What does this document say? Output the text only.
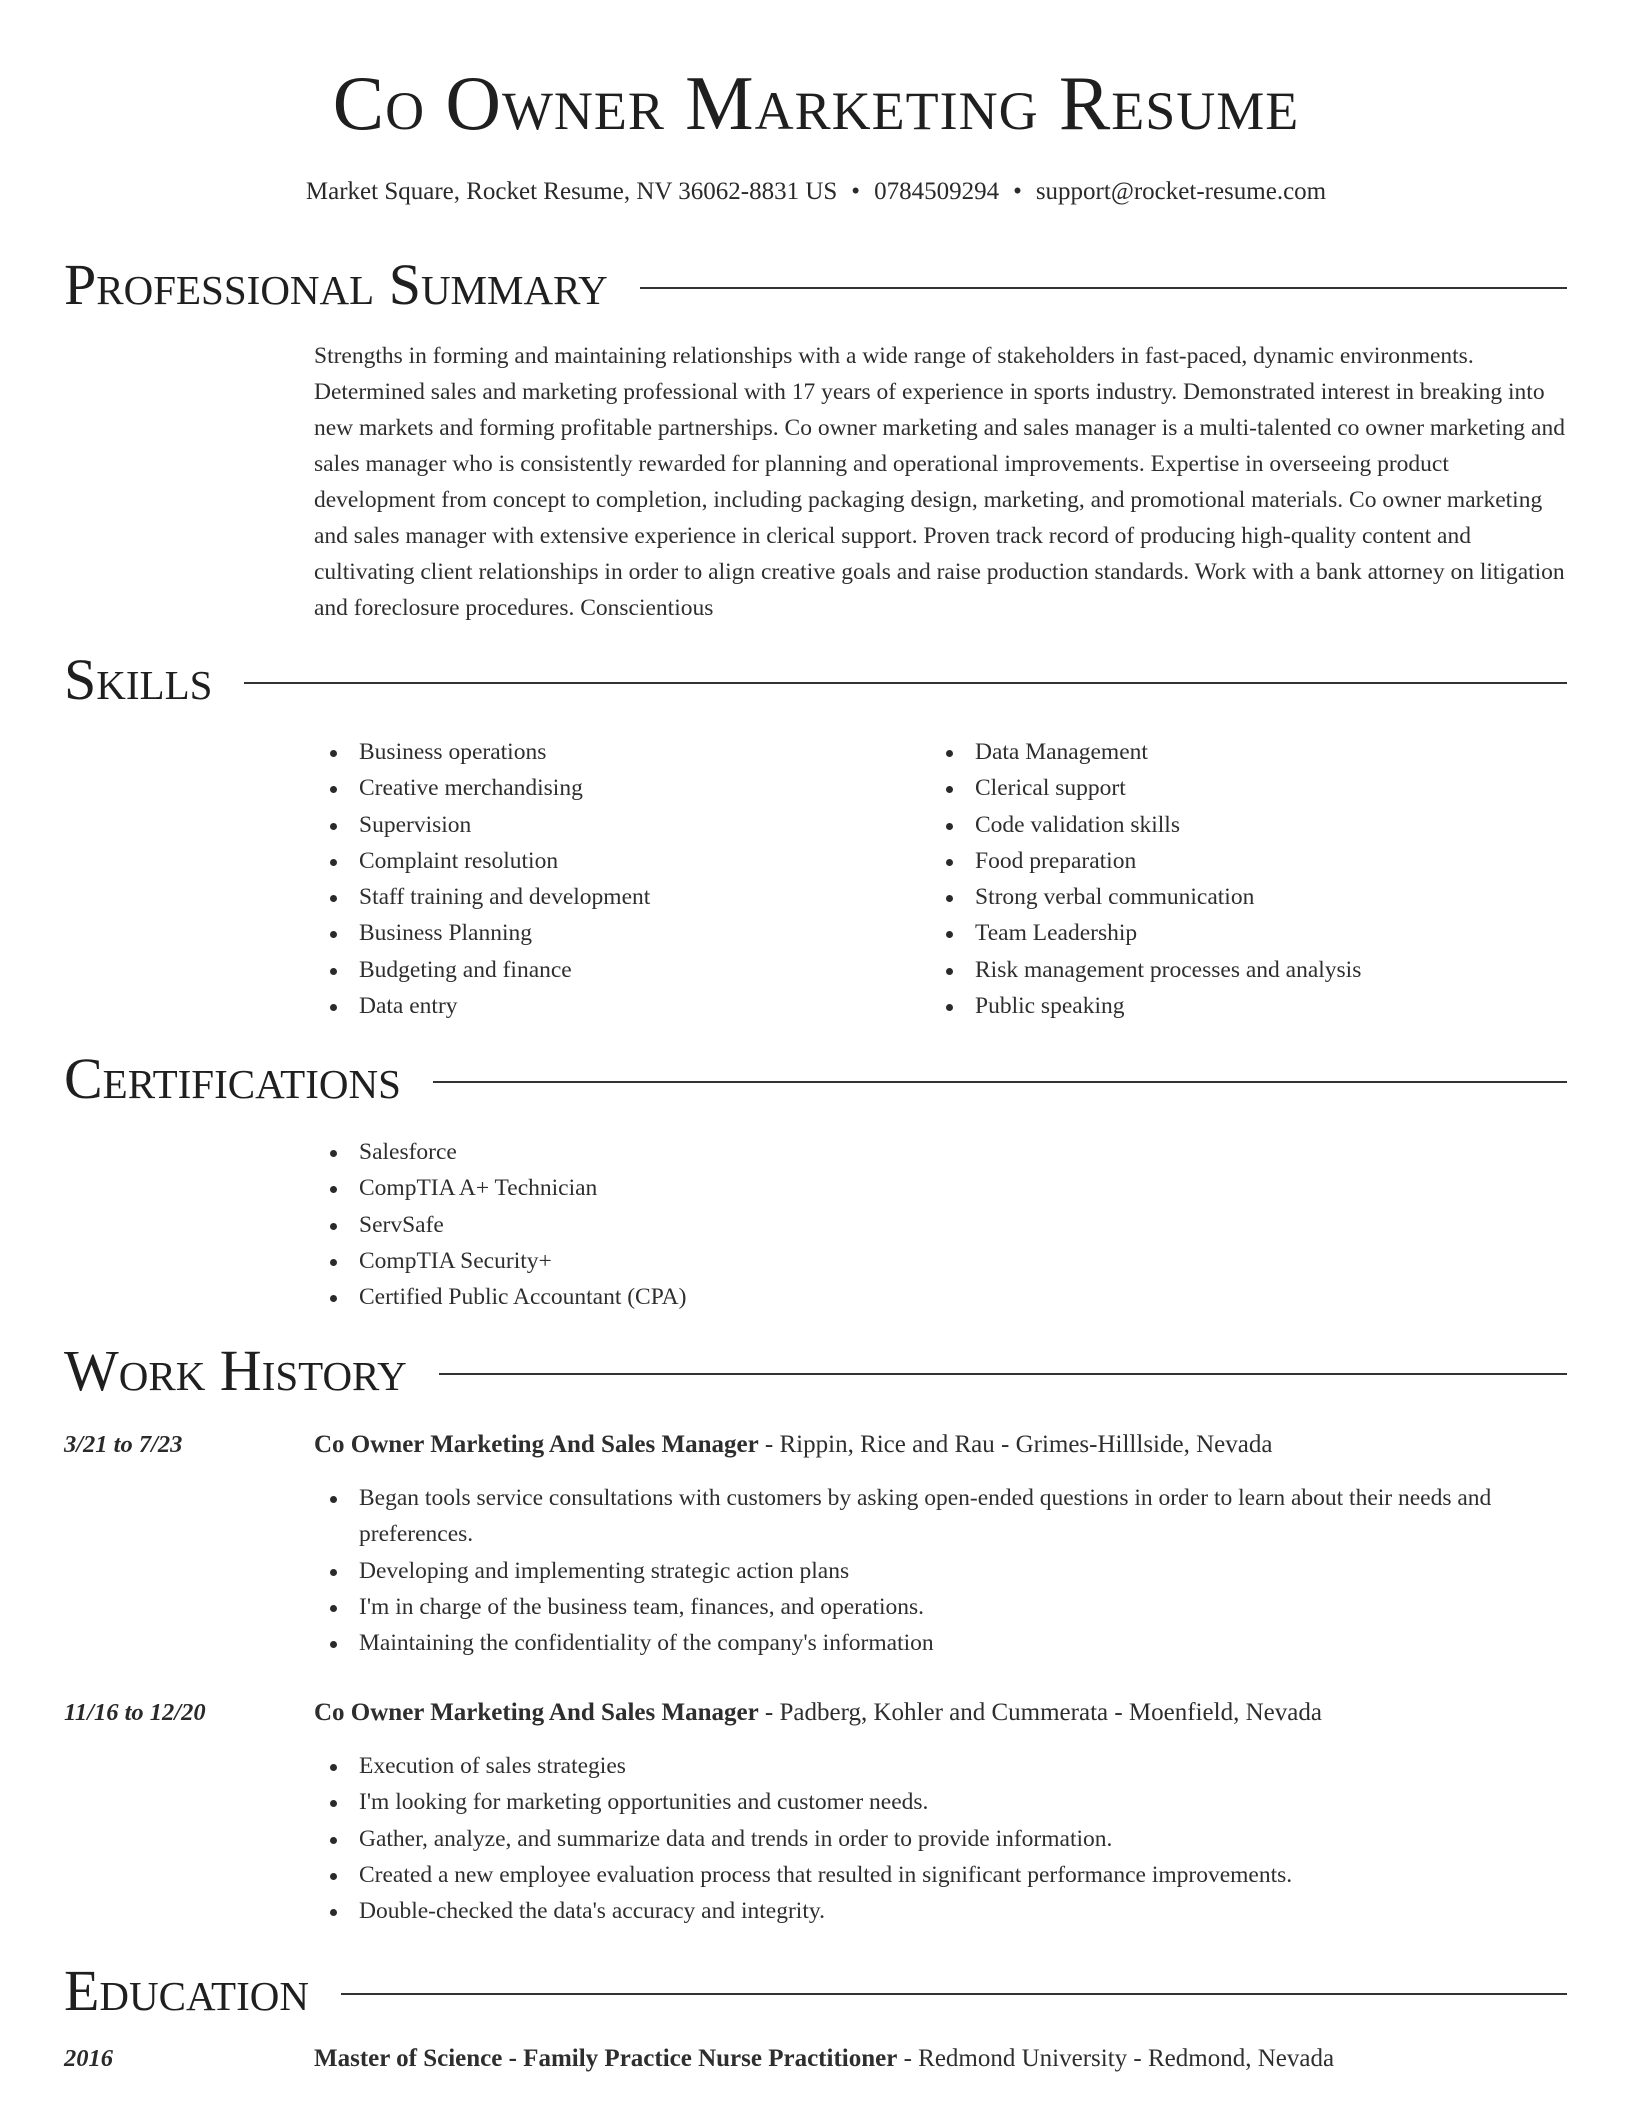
Co Owner Marketing Resume
Market Square, Rocket Resume, NV 36062-8831 US • 0784509294 • support@rocket-resume.com
Professional Summary
Strengths in forming and maintaining relationships with a wide range of stakeholders in fast-paced, dynamic environments. Determined sales and marketing professional with 17 years of experience in sports industry. Demonstrated interest in breaking into new markets and forming profitable partnerships. Co owner marketing and sales manager is a multi-talented co owner marketing and sales manager who is consistently rewarded for planning and operational improvements. Expertise in overseeing product development from concept to completion, including packaging design, marketing, and promotional materials. Co owner marketing and sales manager with extensive experience in clerical support. Proven track record of producing high-quality content and cultivating client relationships in order to align creative goals and raise production standards. Work with a bank attorney on litigation and foreclosure procedures. Conscientious
Skills
Business operations
Creative merchandising
Supervision
Complaint resolution
Staff training and development
Business Planning
Budgeting and finance
Data entry
Data Management
Clerical support
Code validation skills
Food preparation
Strong verbal communication
Team Leadership
Risk management processes and analysis
Public speaking
Certifications
Salesforce
CompTIA A+ Technician
ServSafe
CompTIA Security+
Certified Public Accountant (CPA)
Work History
3/21 to 7/23	Co Owner Marketing And Sales Manager - Rippin, Rice and Rau - Grimes-Hilllside, Nevada
Began tools service consultations with customers by asking open-ended questions in order to learn about their needs and preferences.
Developing and implementing strategic action plans
I'm in charge of the business team, finances, and operations.
Maintaining the confidentiality of the company's information
11/16 to 12/20	Co Owner Marketing And Sales Manager - Padberg, Kohler and Cummerata - Moenfield, Nevada
Execution of sales strategies
I'm looking for marketing opportunities and customer needs.
Gather, analyze, and summarize data and trends in order to provide information.
Created a new employee evaluation process that resulted in significant performance improvements.
Double-checked the data's accuracy and integrity.
Education
2016	Master of Science - Family Practice Nurse Practitioner - Redmond University - Redmond, Nevada
